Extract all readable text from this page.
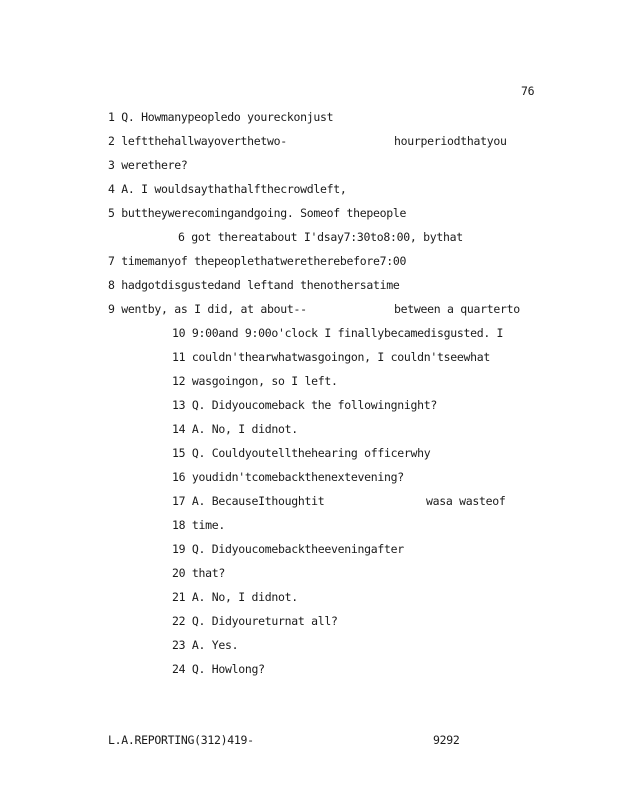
76
1 Q. Howmanypeopledo youreckonjust
2 leftthehallwayoverthetwo-	hourperiodthatyou
3 werethere?
4 A. I wouldsaythathalfthecrowdleft,
5 buttheywerecomingandgoing. Someof thepeople
6 got thereatabout I'dsay7:30to8:00, bythat
7 timemanyof thepeoplethatweretherebefore7:00
8 hadgotdisgustedand leftand thenothersatime
9 wentby, as I did, at about--	between a quarterto
10 9:00and 9:00o'clock I finallybecamedisgusted. I
11 couldn'thearwhatwasgoingon, I couldn'tseewhat
12 wasgoingon, so I left.
13 Q. Didyoucomeback the followingnight?
14 A. No, I didnot.
15 Q. Couldyoutellthehearing officerwhy
16 youdidn'tcomebackthenextevening?
17 A. BecauseIthoughtit	wasa wasteof
18 time.
19 Q. Didyoucomebacktheeveningafter
20 that?
21 A. No, I didnot.
22 Q. Didyoureturnat all?
23 A. Yes.
24 Q. Howlong?
L.A.REPORTING(312)419-	9292
